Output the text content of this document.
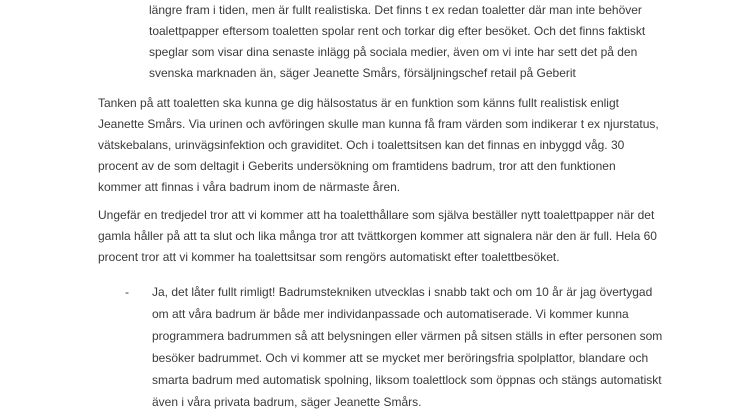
längre fram i tiden, men är fullt realistiska. Det finns t ex redan toaletter där man inte behöver
toalettpapper eftersom toaletten spolar rent och torkar dig efter besöket. Och det finns faktiskt
speglar som visar dina senaste inlägg på sociala medier, även om vi inte har sett det på den
svenska marknaden än, säger Jeanette Smårs, försäljningschef retail på Geberit
Tanken på att toaletten ska kunna ge dig hälsostatus är en funktion som känns fullt realistisk enligt
Jeanette Smårs. Via urinen och avföringen skulle man kunna få fram värden som indikerar t ex njurstatus,
vätskebalans, urinvägsinfektion och graviditet. Och i toalettsitsen kan det finnas en inbyggd våg. 30
procent av de som deltagit i Geberits undersökning om framtidens badrum, tror att den funktionen
kommer att finnas i våra badrum inom de närmaste åren.
Ungefär en tredjedel tror att vi kommer att ha toaletthållare som själva beställer nytt toalettpapper när det
gamla håller på att ta slut och lika många tror att tvättkorgen kommer att signalera när den är full. Hela 60
procent tror att vi kommer ha toalettsitsar som rengörs automatiskt efter toalettbesöket.
- Ja, det låter fullt rimligt! Badrumstekniken utvecklas i snabb takt och om 10 år är jag övertygad
om att våra badrum är både mer individanpassade och automatiserade. Vi kommer kunna
programmera badrummen så att belysningen eller värmen på sitsen ställs in efter personen som
besöker badrummet. Och vi kommer att se mycket mer beröringsfria spolplattor, blandare och
smarta badrum med automatisk spolning, liksom toalettlock som öppnas och stängs automatiskt
även i våra privata badrum, säger Jeanette Smårs.
